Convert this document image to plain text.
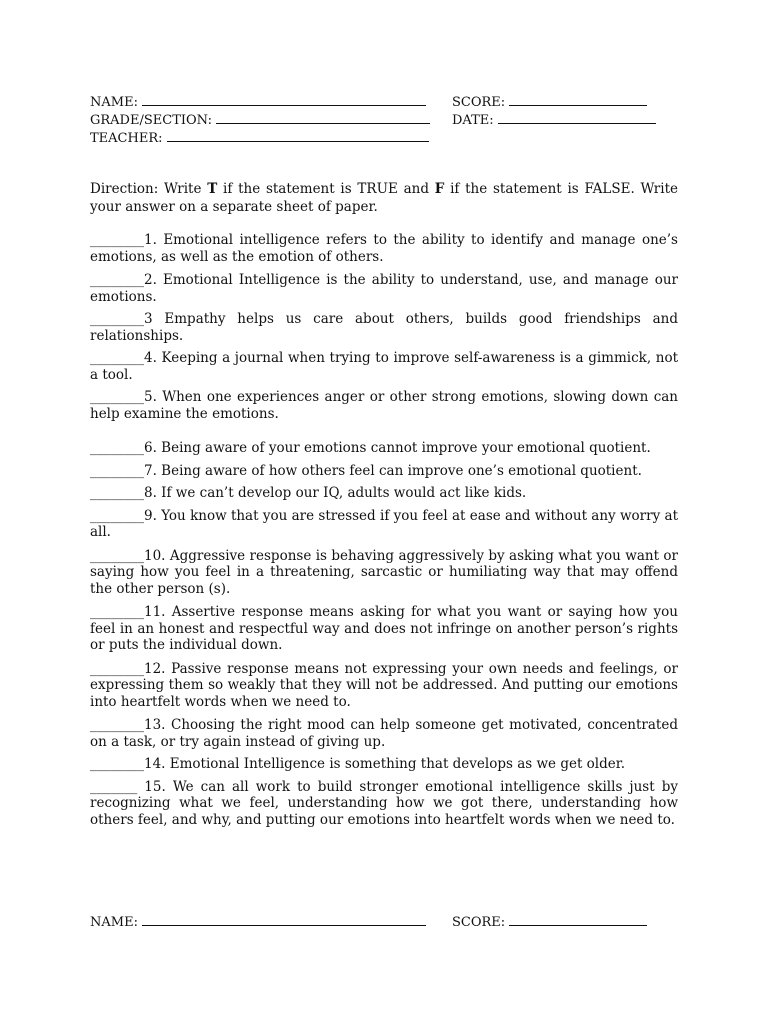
NAME:	SCORE:
GRADE/SECTION:	DATE:
TEACHER:
Direction: Write T if the statement is TRUE and F if the statement is FALSE. Write your answer on a separate sheet of paper.

________1. Emotional intelligence refers to the ability to identify and manage one’s emotions, as well as the emotion of others.

________2. Emotional Intelligence is the ability to understand, use, and manage our emotions.

________3 Empathy helps us care about others, builds good friendships and relationships.

________4. Keeping a journal when trying to improve self-awareness is a gimmick, not a tool.

________5. When one experiences anger or other strong emotions, slowing down can help examine the emotions.

________6. Being aware of your emotions cannot improve your emotional quotient.

________7. Being aware of how others feel can improve one’s emotional quotient.

________8. If we can’t develop our IQ, adults would act like kids.

________9. You know that you are stressed if you feel at ease and without any worry at all.

________10. Aggressive response is behaving aggressively by asking what you want or saying how you feel in a threatening, sarcastic or humiliating way that may offend the other person (s).

________11. Assertive response means asking for what you want or saying how you feel in an honest and respectful way and does not infringe on another person’s rights or puts the individual down.

________12. Passive response means not expressing your own needs and feelings, or expressing them so weakly that they will not be addressed. And putting our emotions into heartfelt words when we need to.

________13. Choosing the right mood can help someone get motivated, concentrated on a task, or try again instead of giving up.

________14. Emotional Intelligence is something that develops as we get older.

_______ 15. We can all work to build stronger emotional intelligence skills just by recognizing what we feel, understanding how we got there, understanding how others feel, and why, and putting our emotions into heartfelt words when we need to.

NAME:	SCORE:
